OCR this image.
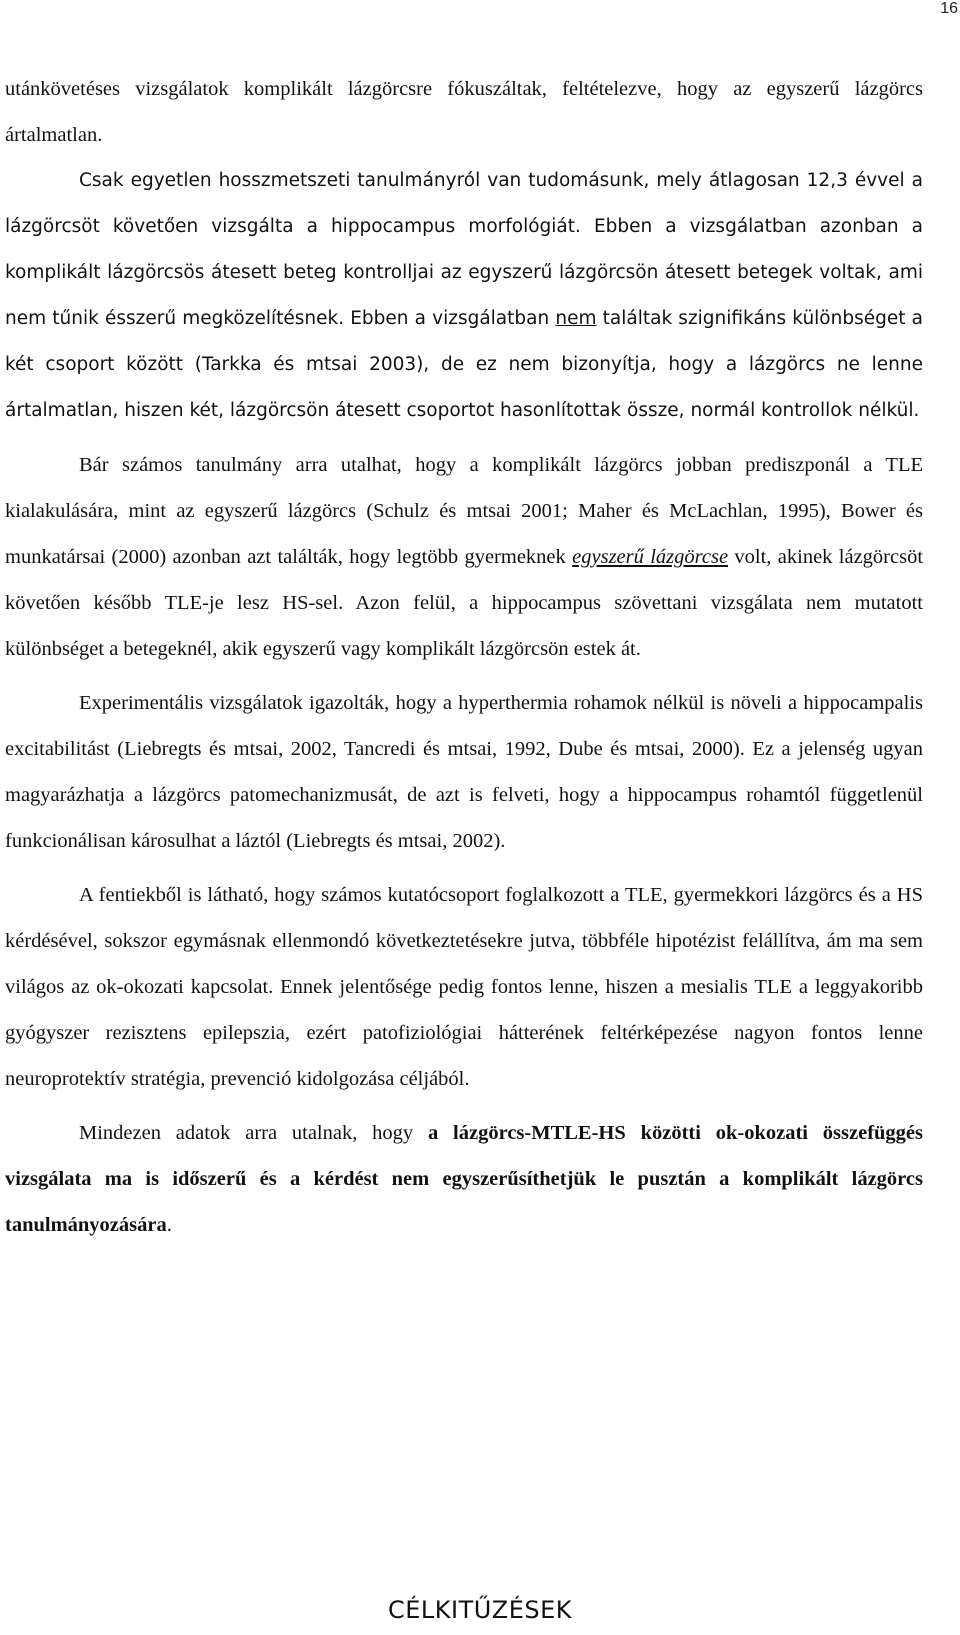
16

utánkövetéses vizsgálatok komplikált lázgörcsre fókuszáltak, feltételezve, hogy az egyszerű lázgörcs ártalmatlan.

Csak egyetlen hosszmetszeti tanulmányról van tudomásunk, mely átlagosan 12,3 évvel a lázgörcsöt követően vizsgálta a hippocampus morfológiát. Ebben a vizsgálatban azonban a komplikált lázgörcsös átesett beteg kontrolljai az egyszerű lázgörcsön átesett betegek voltak, ami nem tűnik ésszerű megközelítésnek. Ebben a vizsgálatban nem találtak szignifikáns különbséget a két csoport között (Tarkka és mtsai 2003), de ez nem bizonyítja, hogy a lázgörcs ne lenne ártalmatlan, hiszen két, lázgörcsön átesett csoportot hasonlítottak össze, normál kontrollok nélkül.

Bár számos tanulmány arra utalhat, hogy a komplikált lázgörcs jobban prediszponál a TLE kialakulására, mint az egyszerű lázgörcs (Schulz és mtsai 2001; Maher és McLachlan, 1995), Bower és munkatársai (2000) azonban azt találták, hogy legtöbb gyermeknek egyszerű lázgörcse volt, akinek lázgörcsöt követően később TLE-je lesz HS-sel. Azon felül, a hippocampus szövettani vizsgálata nem mutatott különbséget a betegeknél, akik egyszerű vagy komplikált lázgörcsön estek át.

Experimentális vizsgálatok igazolták, hogy a hyperthermia rohamok nélkül is növeli a hippocampalis excitabilitást (Liebregts és mtsai, 2002, Tancredi és mtsai, 1992, Dube és mtsai, 2000). Ez a jelenség ugyan magyarázhatja a lázgörcs patomechanizmusát, de azt is felveti, hogy a hippocampus rohamtól függetlenül funkcionálisan károsulhat a láztól (Liebregts és mtsai, 2002).

A fentiekből is látható, hogy számos kutatócsoport foglalkozott a TLE, gyermekkori lázgörcs és a HS kérdésével, sokszor egymásnak ellenmondó következtetésekre jutva, többféle hipotézist felállítva, ám ma sem világos az ok-okozati kapcsolat. Ennek jelentősége pedig fontos lenne, hiszen a mesialis TLE a leggyakoribb gyógyszer rezisztens epilepszia, ezért patofiziológiai hátterének feltérképezése nagyon fontos lenne neuroprotektív stratégia, prevenció kidolgozása céljából.

Mindezen adatok arra utalnak, hogy a lázgörcs-MTLE-HS közötti ok-okozati összefüggés vizsgálata ma is időszerű és a kérdést nem egyszerűsíthetjük le pusztán a komplikált lázgörcs tanulmányozására.

CÉLKITŰZÉSEK
